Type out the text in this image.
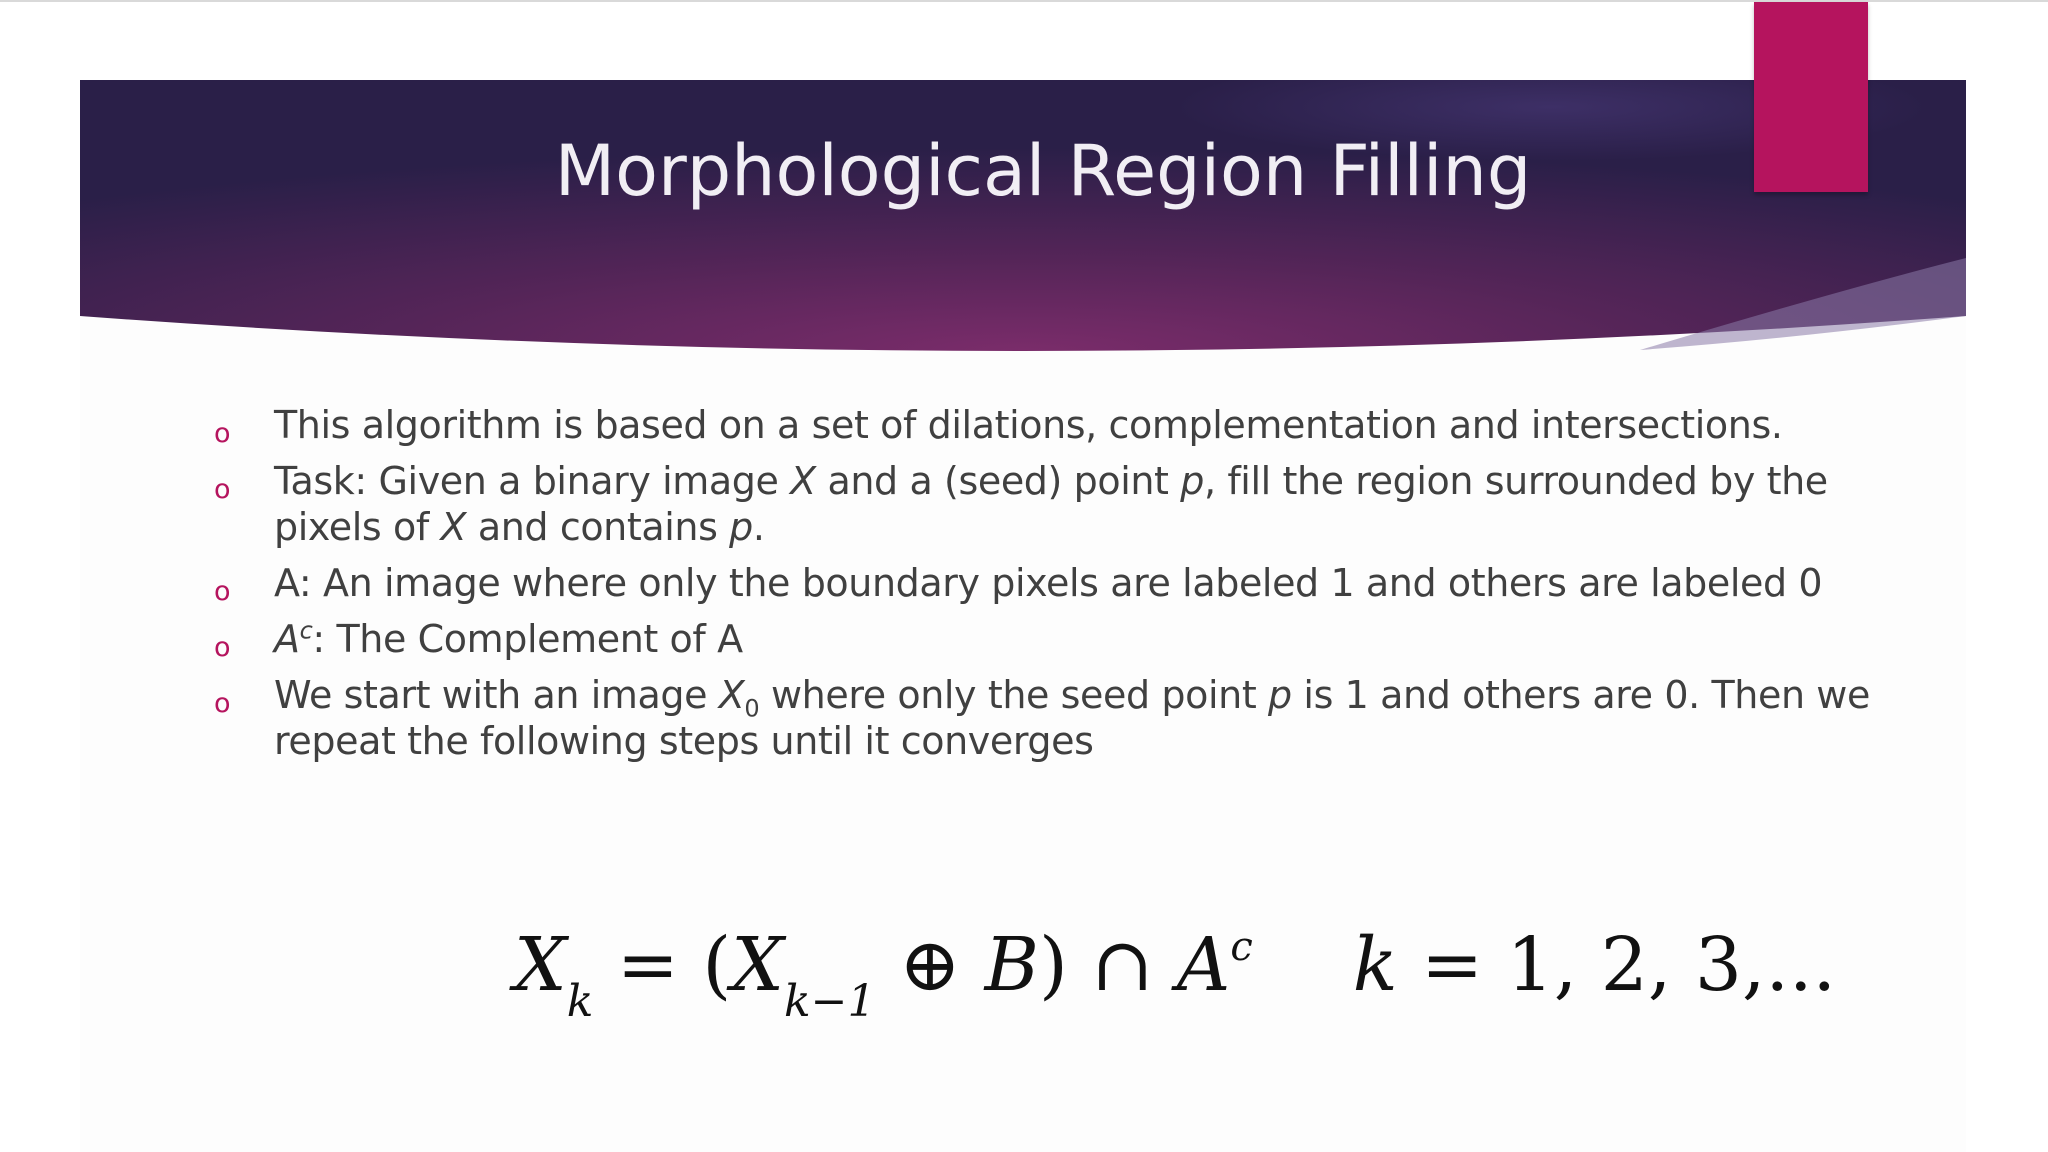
Morphological Region Filling
o This algorithm is based on a set of dilations, complementation and intersections.
o Task: Given a binary image X and a (seed) point p, fill the region surrounded by the pixels of X and contains p.
o A: An image where only the boundary pixels are labeled 1 and others are labeled 0
o $A^c$: The Complement of A
o We start with an image $X_0$ where only the seed point p is 1 and others are 0. Then we repeat the following steps until it converges
$X_k = (X_{k-1}$ ⊕ B) ∩ $A^c$ k = 1, 2, 3,...
